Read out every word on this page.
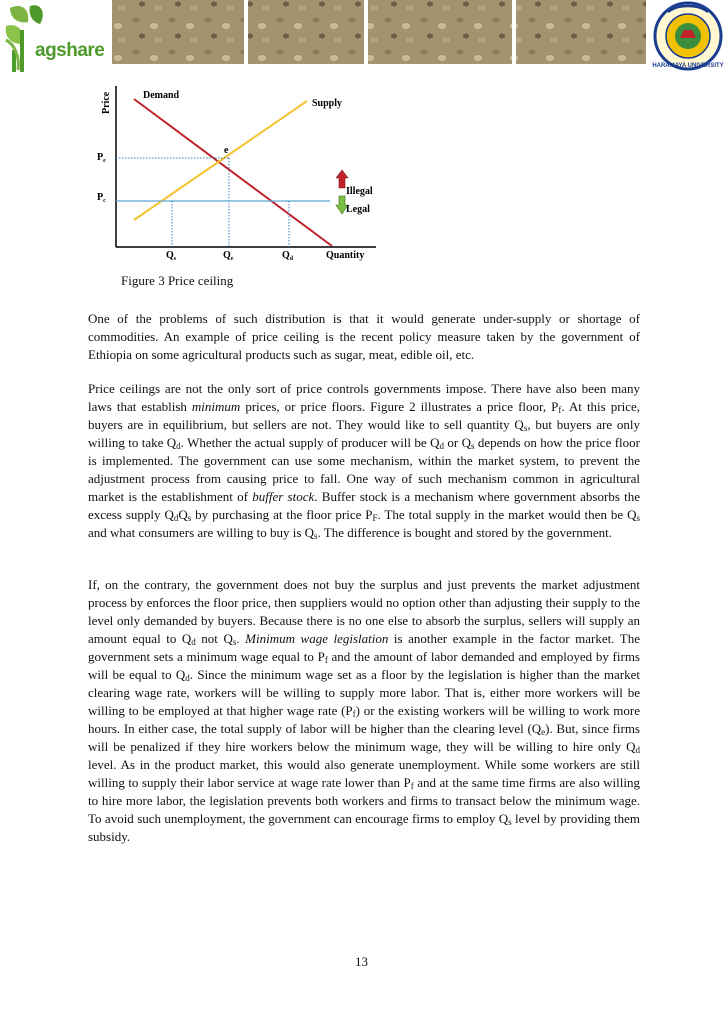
agshare
HARAMAYA UNIVERSITY
Price
Quantity
Demand
Supply
e
$P_e$
$P_c$
Illegal
Legal
$Q_s$	$Q_e$	$Q_d$
Figure 3 Price ceiling

One of the problems of such distribution is that it would generate under-supply or shortage of commodities. An example of price ceiling is the recent policy measure taken by the government of Ethiopia on some agricultural products such as sugar, meat, edible oil, etc.

Price ceilings are not the only sort of price controls governments impose. There have also been many laws that establish minimum prices, or price floors. Figure 2 illustrates a price floor, $P_f$. At this price, buyers are in equilibrium, but sellers are not. They would like to sell quantity $Q_s$, but buyers are only willing to take $Q_d$. Whether the actual supply of producer will be $Q_d$ or $Q_s$ depends on how the price floor is implemented. The government can use some mechanism, within the market system, to prevent the adjustment process from causing price to fall. One way of such mechanism common in agricultural market is the establishment of buffer stock. Buffer stock is a mechanism where government absorbs the excess supply $Q_dQ_s$ by purchasing at the floor price $P_F$. The total supply in the market would then be $Q_s$ and what consumers are willing to buy is $Q_s$. The difference is bought and stored by the government.

If, on the contrary, the government does not buy the surplus and just prevents the market adjustment process by enforces the floor price, then suppliers would no option other than adjusting their supply to the level only demanded by buyers. Because there is no one else to absorb the surplus, sellers will supply an amount equal to $Q_d$ not $Q_s$. Minimum wage legislation is another example in the factor market. The government sets a minimum wage equal to $P_f$ and the amount of labor demanded and employed by firms will be equal to $Q_d$. Since the minimum wage set as a floor by the legislation is higher than the market clearing wage rate, workers will be willing to supply more labor. That is, either more workers will be willing to be employed at that higher wage rate $(P_f)$ or the existing workers will be willing to work more hours. In either case, the total supply of labor will be higher than the clearing level $(Q_e)$. But, since firms will be penalized if they hire workers below the minimum wage, they will be willing to hire only $Q_d$ level. As in the product market, this would also generate unemployment. While some workers are still willing to supply their labor service at wage rate lower than $P_f$ and at the same time firms are also willing to hire more labor, the legislation prevents both workers and firms to transact below the minimum wage. To avoid such unemployment, the government can encourage firms to employ $Q_s$ level by providing them subsidy.

13
